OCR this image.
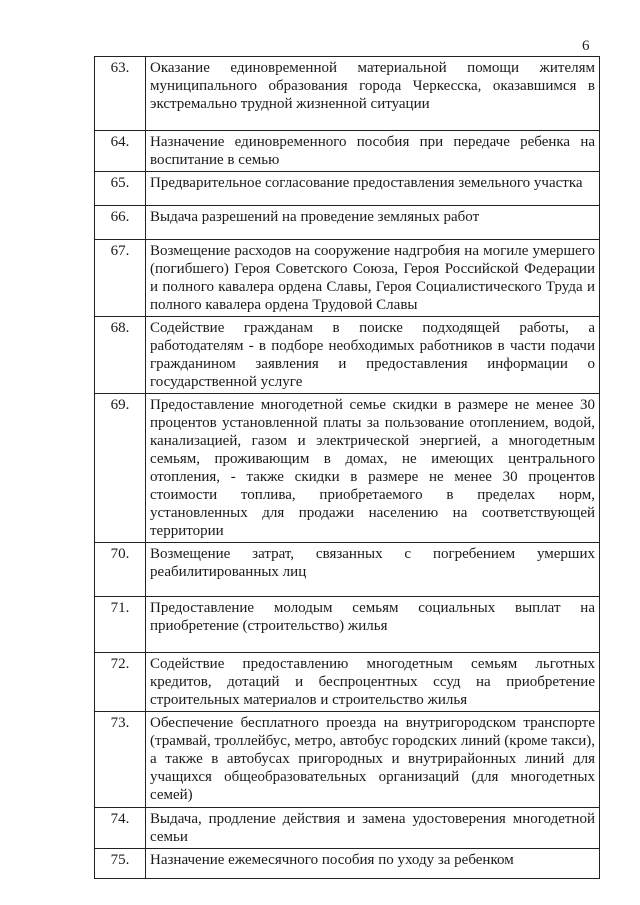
6
63.	Оказание единовременной материальной помощи жителям муниципального образования города Черкесска, оказавшимся в экстремально трудной жизненной ситуации
64.	Назначение единовременного пособия при передаче ребенка на воспитание в семью
65.	Предварительное согласование предоставления земельного участка
66.	Выдача разрешений на проведение земляных работ
67.	Возмещение расходов на сооружение надгробия на могиле умершего (погибшего) Героя Советского Союза, Героя Российской Федерации и полного кавалера ордена Славы, Героя Социалистического Труда и полного кавалера ордена Трудовой Славы
68.	Содействие гражданам в поиске подходящей работы, а работодателям - в подборе необходимых работников в части подачи гражданином заявления и предоставления информации о государственной услуге
69.	Предоставление многодетной семье скидки в размере не менее 30 процентов установленной платы за пользование отоплением, водой, канализацией, газом и электрической энергией, а многодетным семьям, проживающим в домах, не имеющих центрального отопления, - также скидки в размере не менее 30 процентов стоимости топлива, приобретаемого в пределах норм, установленных для продажи населению на соответствующей территории
70.	Возмещение затрат, связанных с погребением умерших реабилитированных лиц
71.	Предоставление молодым семьям социальных выплат на приобретение (строительство) жилья
72.	Содействие предоставлению многодетным семьям льготных кредитов, дотаций и беспроцентных ссуд на приобретение строительных материалов и строительство жилья
73.	Обеспечение бесплатного проезда на внутригородском транспорте (трамвай, троллейбус, метро, автобус городских линий (кроме такси), а также в автобусах пригородных и внутрирайонных линий для учащихся общеобразовательных организаций (для многодетных семей)
74.	Выдача, продление действия и замена удостоверения многодетной семьи
75.	Назначение ежемесячного пособия по уходу за ребенком
